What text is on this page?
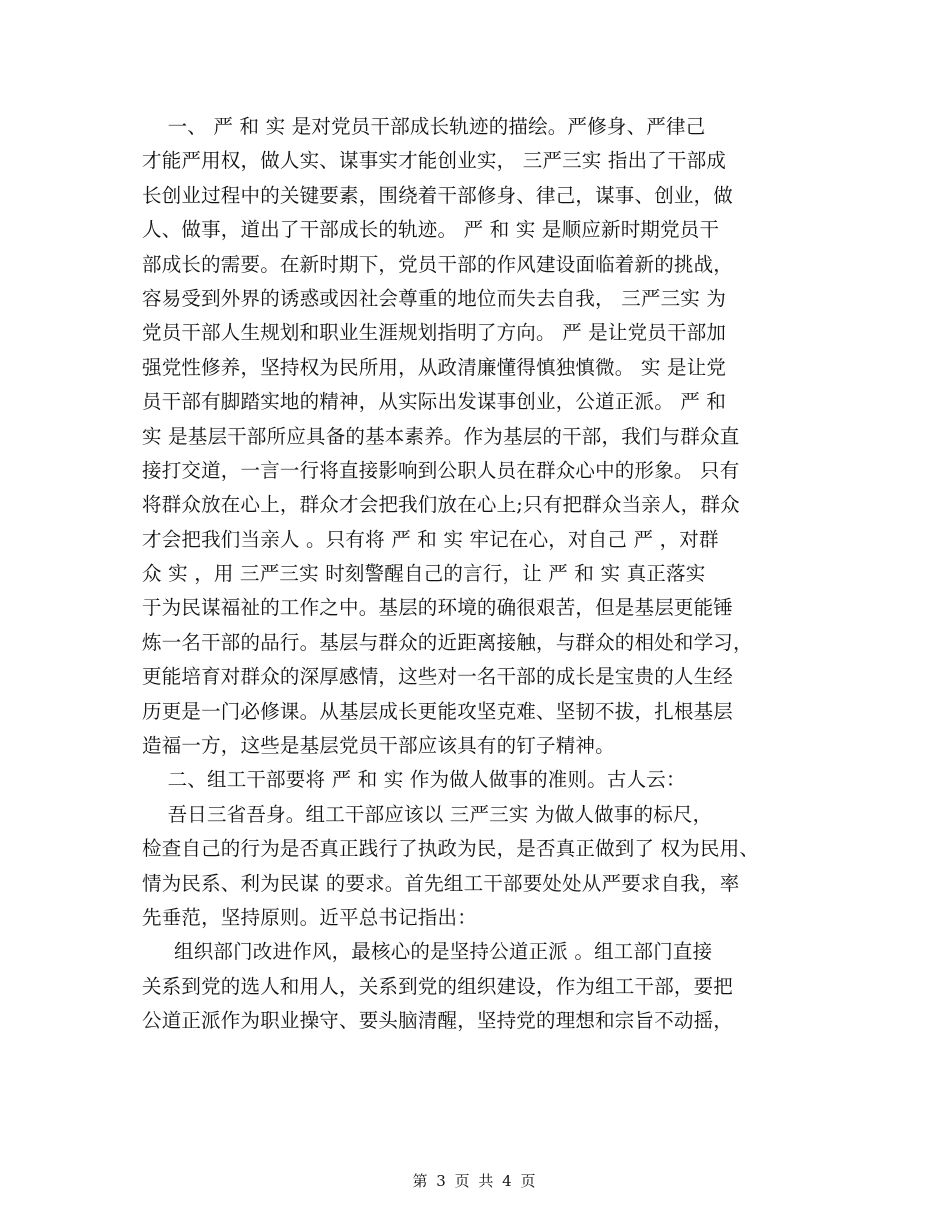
一、 严 和 实 是对党员干部成长轨迹的描绘。严修身、严律己
才能严用权，做人实、谋事实才能创业实， 三严三实 指出了干部成
长创业过程中的关键要素，围绕着干部修身、律己，谋事、创业，做
人、做事，道出了干部成长的轨迹。 严 和 实 是顺应新时期党员干
部成长的需要。在新时期下，党员干部的作风建设面临着新的挑战，
容易受到外界的诱惑或因社会尊重的地位而失去自我， 三严三实 为
党员干部人生规划和职业生涯规划指明了方向。 严 是让党员干部加
强党性修养，坚持权为民所用，从政清廉懂得慎独慎微。 实 是让党
员干部有脚踏实地的精神，从实际出发谋事创业，公道正派。 严 和
实 是基层干部所应具备的基本素养。作为基层的干部，我们与群众直
接打交道，一言一行将直接影响到公职人员在群众心中的形象。 只有
将群众放在心上，群众才会把我们放在心上;只有把群众当亲人，群众
才会把我们当亲人 。只有将 严 和 实 牢记在心，对自己 严 ，对群
众 实 ，用 三严三实 时刻警醒自己的言行，让 严 和 实 真正落实
于为民谋福祉的工作之中。基层的环境的确很艰苦，但是基层更能锤
炼一名干部的品行。基层与群众的近距离接触，与群众的相处和学习，
更能培育对群众的深厚感情，这些对一名干部的成长是宝贵的人生经
历更是一门必修课。从基层成长更能攻坚克难、坚韧不拔，扎根基层
造福一方，这些是基层党员干部应该具有的钉子精神。
二、组工干部要将 严 和 实 作为做人做事的准则。古人云：
吾日三省吾身。组工干部应该以 三严三实 为做人做事的标尺，
检查自己的行为是否真正践行了执政为民，是否真正做到了 权为民用、
情为民系、利为民谋 的要求。首先组工干部要处处从严要求自我，率
先垂范，坚持原则。近平总书记指出：
组织部门改进作风，最核心的是坚持公道正派 。组工部门直接
关系到党的选人和用人，关系到党的组织建设，作为组工干部，要把
公道正派作为职业操守、要头脑清醒，坚持党的理想和宗旨不动摇，
第 3 页 共 4 页
